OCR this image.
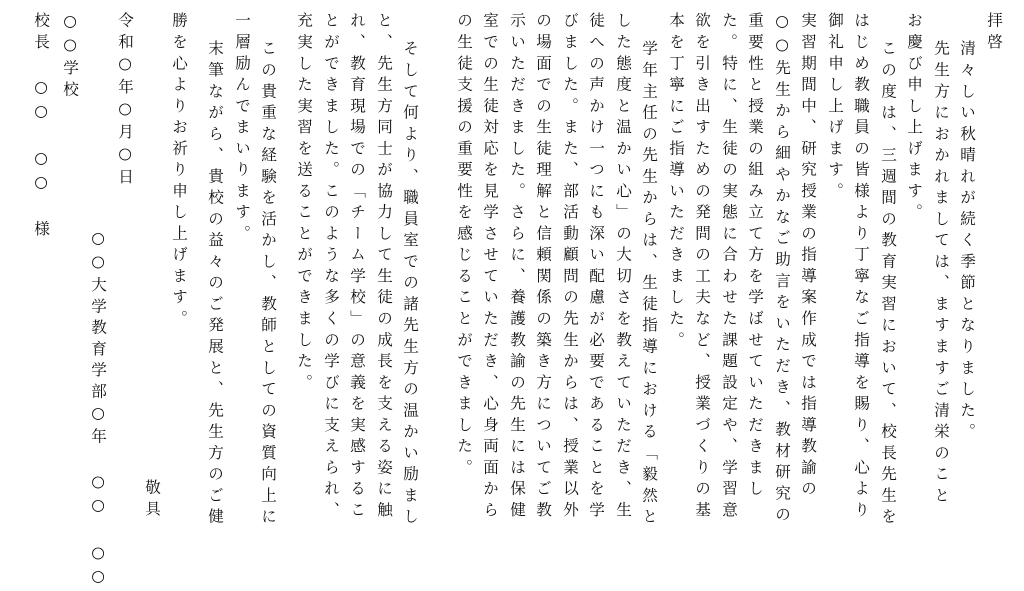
拝啓

清々しい秋晴れが続く季節となりました。

先生方におかれましては、ますますご清栄のこと

お慶び申し上げます。

この度は、三週間の教育実習において、校長先生を

はじめ教職員の皆様より丁寧なご指導を賜り、心より

御礼申し上げます。

実習期間中、研究授業の指導案作成では指導教諭の

○○先生から細やかなご助言をいただき、教材研究の

重要性と授業の組み立て方を学ばせていただきまし

た。特に、生徒の実態に合わせた課題設定や、学習意

欲を引き出すための発問の工夫など、授業づくりの基

本を丁寧にご指導いただきました。

学年主任の先生からは、生徒指導における「毅然と

した態度と温かい心」の大切さを教えていただき、生

徒への声かけ一つにも深い配慮が必要であることを学

びました。また、部活動顧問の先生からは、授業以外

の場面での生徒理解と信頼関係の築き方についてご教

示いただきました。さらに、養護教諭の先生には保健

室での生徒対応を見学させていただき、心身両面から

の生徒支援の重要性を感じることができました。

そして何より、職員室での諸先生方の温かい励まし

と、先生方同士が協力して生徒の成長を支える姿に触

れ、教育現場での「チーム学校」の意義を実感するこ

とができました。このような多くの学びに支えられ、

充実した実習を送ることができました。

この貴重な経験を活かし、教師としての資質向上に

一層励んでまいります。

末筆ながら、貴校の益々のご発展と、先生方のご健

勝を心よりお祈り申し上げます。

敬具

令和○年○月○日

○○大学教育学部○年 ○○ ○○

○○学校

校長 ○○ ○○ 様
